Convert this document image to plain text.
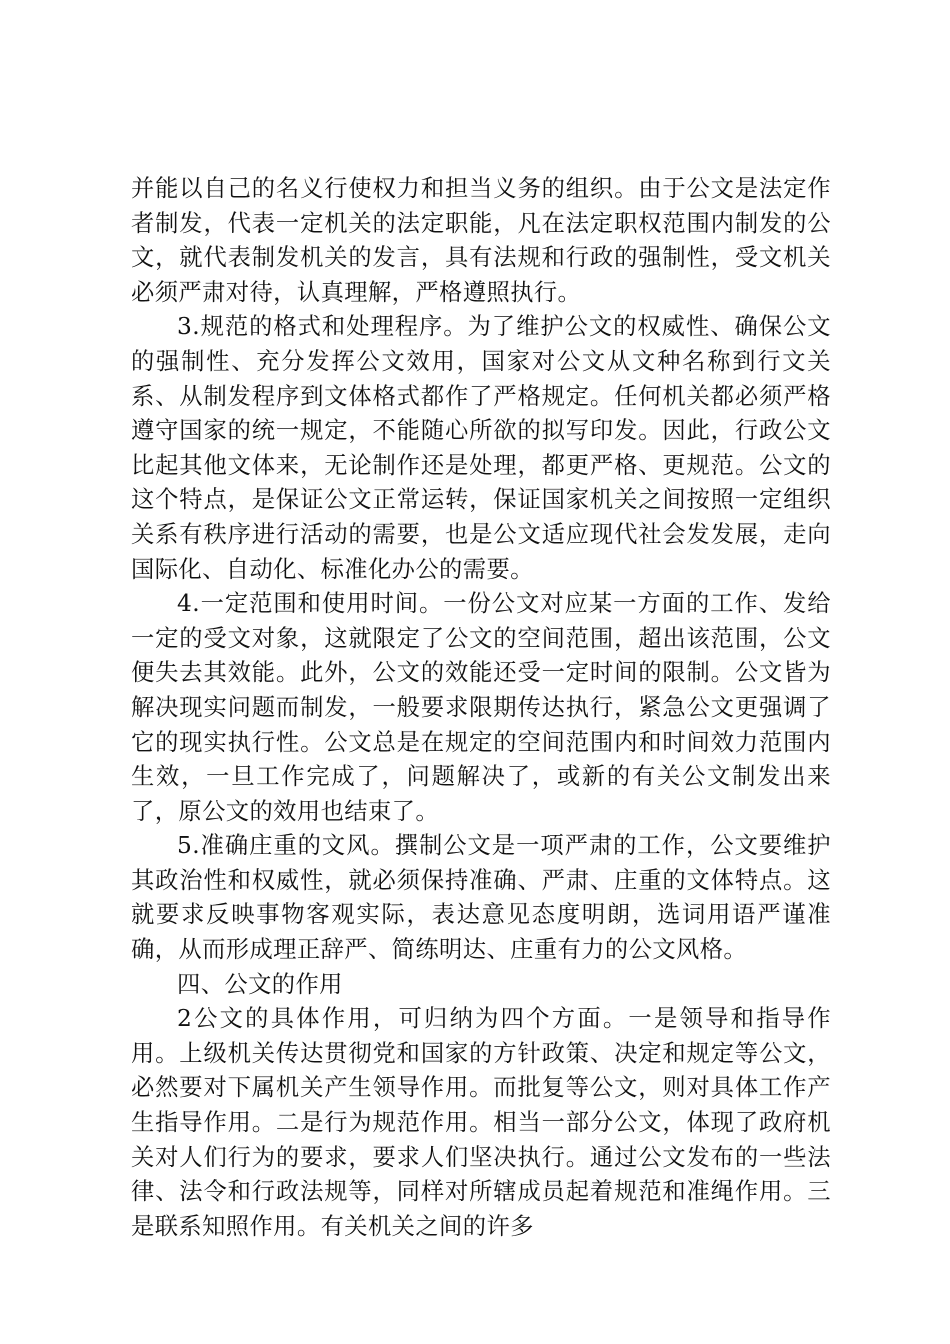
并能以自己的名义行使权力和担当义务的组织。由于公文是法定作者制发，代表一定机关的法定职能，凡在法定职权范围内制发的公文，就代表制发机关的发言，具有法规和行政的强制性，受文机关必须严肃对待，认真理解，严格遵照执行。

3.规范的格式和处理程序。为了维护公文的权威性、确保公文的强制性、充分发挥公文效用，国家对公文从文种名称到行文关系、从制发程序到文体格式都作了严格规定。任何机关都必须严格遵守国家的统一规定，不能随心所欲的拟写印发。因此，行政公文比起其他文体来，无论制作还是处理，都更严格、更规范。公文的这个特点，是保证公文正常运转，保证国家机关之间按照一定组织关系有秩序进行活动的需要，也是公文适应现代社会发发展，走向国际化、自动化、标准化办公的需要。

4.一定范围和使用时间。一份公文对应某一方面的工作、发给一定的受文对象，这就限定了公文的空间范围，超出该范围，公文便失去其效能。此外，公文的效能还受一定时间的限制。公文皆为解决现实问题而制发，一般要求限期传达执行，紧急公文更强调了它的现实执行性。公文总是在规定的空间范围内和时间效力范围内生效，一旦工作完成了，问题解决了，或新的有关公文制发出来了，原公文的效用也结束了。

5.准确庄重的文风。撰制公文是一项严肃的工作，公文要维护其政治性和权威性，就必须保持准确、严肃、庄重的文体特点。这就要求反映事物客观实际，表达意见态度明朗，选词用语严谨准确，从而形成理正辞严、简练明达、庄重有力的公文风格。

四、公文的作用

2公文的具体作用，可归纳为四个方面。一是领导和指导作用。上级机关传达贯彻党和国家的方针政策、决定和规定等公文，必然要对下属机关产生领导作用。而批复等公文，则对具体工作产生指导作用。二是行为规范作用。相当一部分公文，体现了政府机关对人们行为的要求，要求人们坚决执行。通过公文发布的一些法律、法令和行政法规等，同样对所辖成员起着规范和准绳作用。三是联系知照作用。有关机关之间的许多
